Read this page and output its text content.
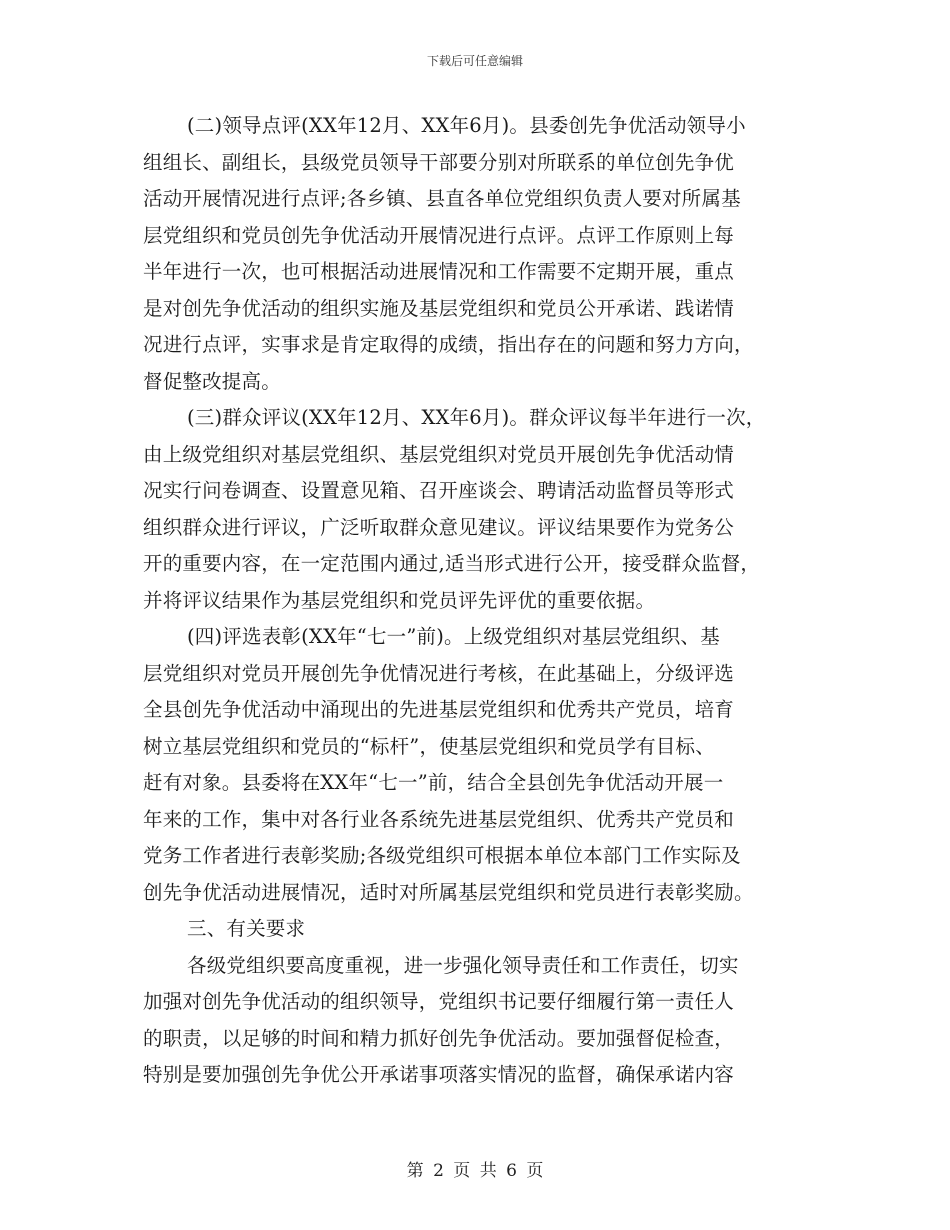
下载后可任意编辑
(二)领导点评(XX年12月、XX年6月)。县委创先争优活动领导小
组组长、副组长，县级党员领导干部要分别对所联系的单位创先争优
活动开展情况进行点评;各乡镇、县直各单位党组织负责人要对所属基
层党组织和党员创先争优活动开展情况进行点评。点评工作原则上每
半年进行一次，也可根据活动进展情况和工作需要不定期开展，重点
是对创先争优活动的组织实施及基层党组织和党员公开承诺、践诺情
况进行点评，实事求是肯定取得的成绩，指出存在的问题和努力方向，
督促整改提高。
(三)群众评议(XX年12月、XX年6月)。群众评议每半年进行一次，
由上级党组织对基层党组织、基层党组织对党员开展创先争优活动情
况实行问卷调查、设置意见箱、召开座谈会、聘请活动监督员等形式
组织群众进行评议，广泛听取群众意见建议。评议结果要作为党务公
开的重要内容，在一定范围内通过,适当形式进行公开，接受群众监督，
并将评议结果作为基层党组织和党员评先评优的重要依据。
(四)评选表彰(XX年“七一”前)。上级党组织对基层党组织、基
层党组织对党员开展创先争优情况进行考核，在此基础上，分级评选
全县创先争优活动中涌现出的先进基层党组织和优秀共产党员，培育
树立基层党组织和党员的“标杆”，使基层党组织和党员学有目标、
赶有对象。县委将在XX年“七一”前，结合全县创先争优活动开展一
年来的工作，集中对各行业各系统先进基层党组织、优秀共产党员和
党务工作者进行表彰奖励;各级党组织可根据本单位本部门工作实际及
创先争优活动进展情况，适时对所属基层党组织和党员进行表彰奖励。
三、有关要求
各级党组织要高度重视，进一步强化领导责任和工作责任，切实
加强对创先争优活动的组织领导，党组织书记要仔细履行第一责任人
的职责，以足够的时间和精力抓好创先争优活动。要加强督促检查，
特别是要加强创先争优公开承诺事项落实情况的监督，确保承诺内容
第 2 页 共 6 页
